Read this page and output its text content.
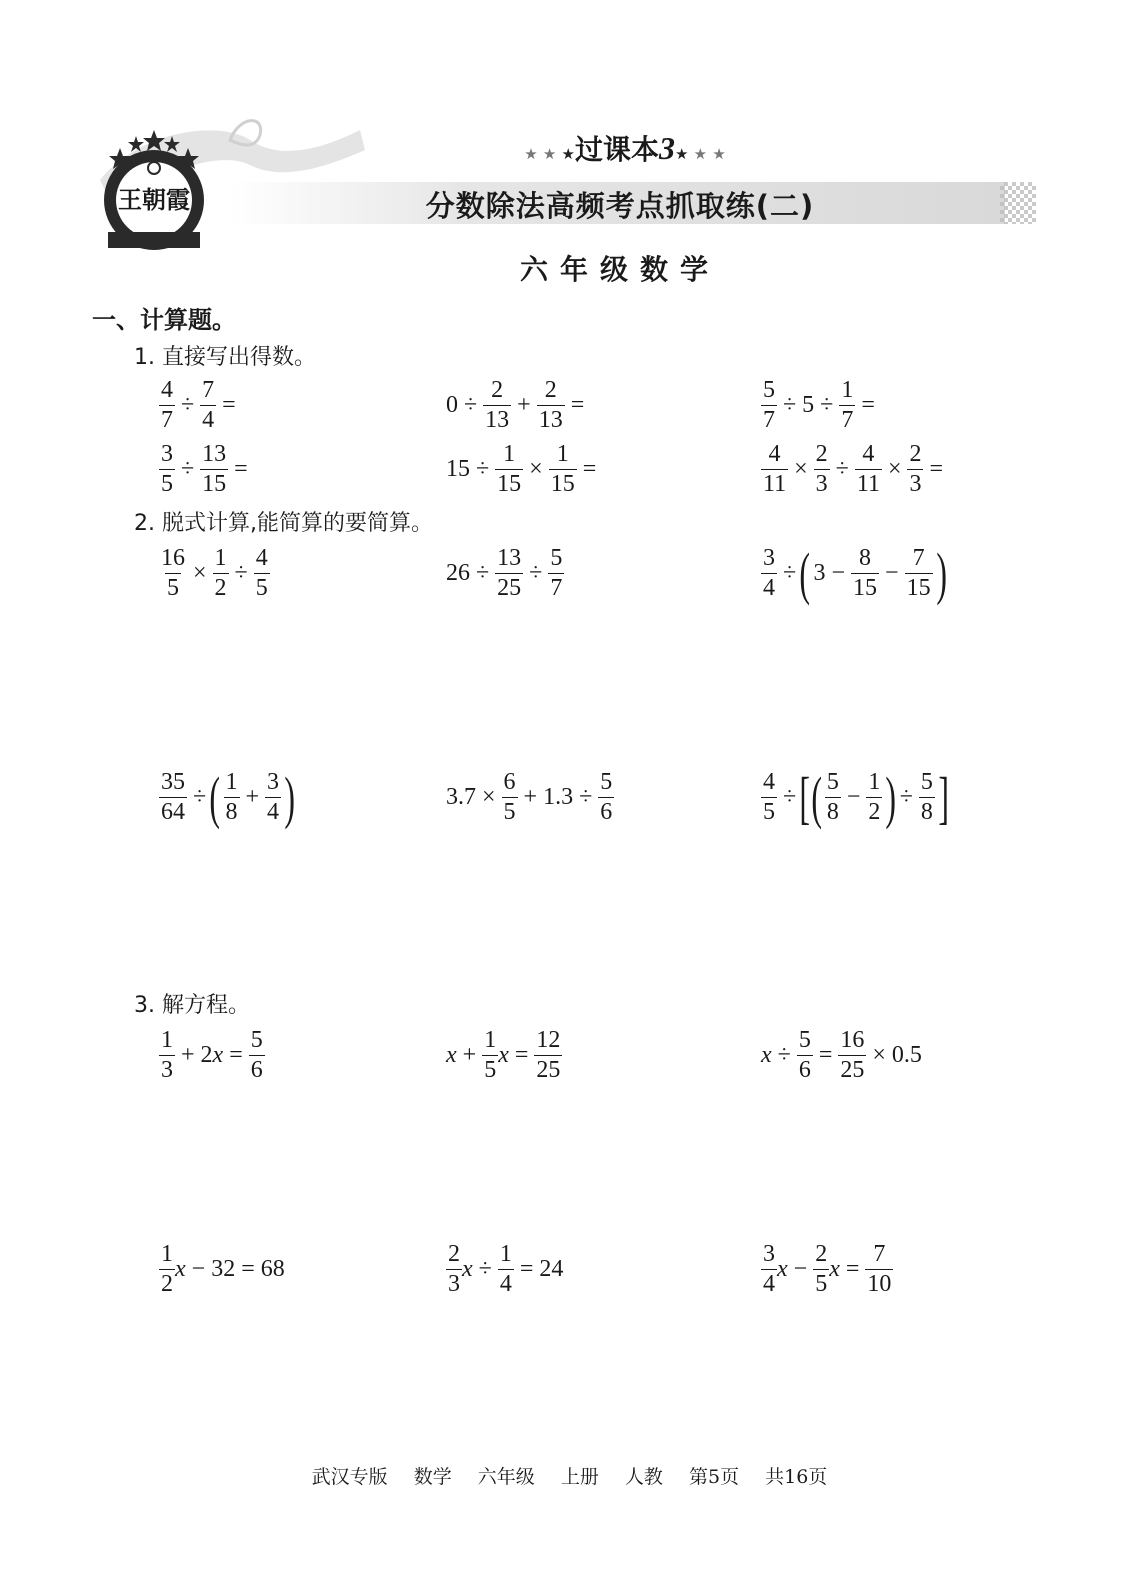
王朝霞
★ ★ ★过课本3★ ★ ★
分数除法高频考点抓取练(二)
六年级数学
一、计算题。
1. 直接写出得数。
2. 脱式计算,能简算的要简算。
3. 解方程。
$\frac{4}{7} \div \frac{7}{4}$ =	$0 \div \frac{2}{13} + \frac{2}{13}$ =	$\frac{5}{7} \div 5 \div \frac{1}{7}$ =
$\frac{3}{5} \div \frac{13}{15}$ =	$15 \div \frac{1}{15} \times \frac{1}{15}$ =	$\frac{4}{11} \times \frac{2}{3} \div \frac{4}{11} \times \frac{2}{3}$ =
$\frac{16}{5} \times \frac{1}{2} \div \frac{4}{5}$	$26 \div \frac{13}{25} \div \frac{5}{7}$	$\frac{3}{4}$ ÷ ( $3 - \frac{8}{15} - \frac{7}{15}$ )
$\frac{35}{64}$ ÷ ( $\frac{1}{8} + \frac{3}{4}$ )	$3.7 \times \frac{6}{5} + 1.3 \div \frac{5}{6}$	$\frac{4}{5}$ ÷ [ ( $\frac{5}{8} - \frac{1}{2}$ ) ÷ $\frac{5}{8}$ ]
$\frac{1}{3} + 2x = \frac{5}{6}$	$x + \frac{1}{5}$ $x = \frac{12}{25}$	$x \div \frac{5}{6} = \frac{16}{25} \times 0.5$
$\frac{1}{2}$ x − 32 = 68	$\frac{2}{3}$ $x \div \frac{1}{4} = 24$	$\frac{3}{4}$ $x - \frac{2}{5}$ $x = \frac{7}{10}$
武汉专版 数学 六年级 上册 人教 第5页 共16页
